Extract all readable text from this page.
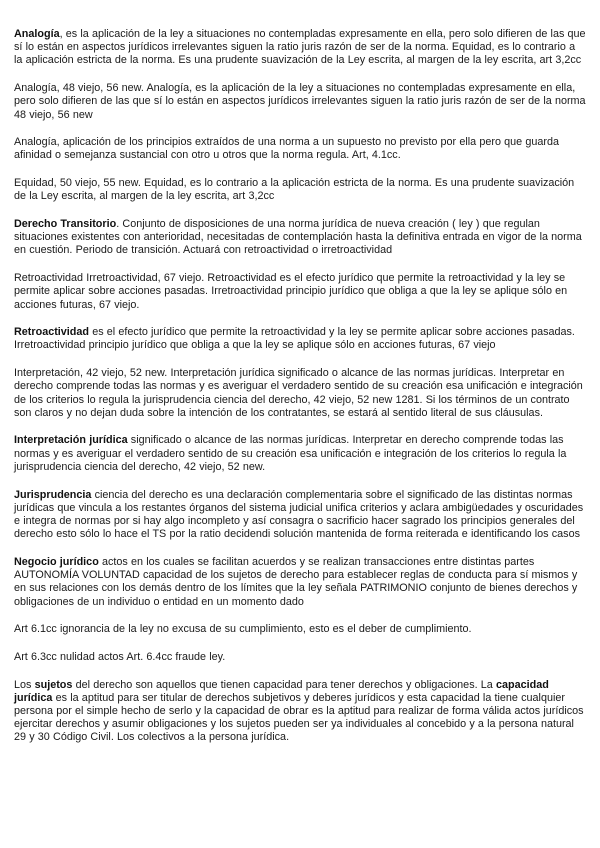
Analogía, es la aplicación de la ley a situaciones no contempladas expresamente en ella, pero solo difieren de las que sí lo están en aspectos jurídicos irrelevantes siguen la ratio juris razón de ser de la norma. Equidad, es lo contrario a la aplicación estricta de la norma. Es una prudente suavización de la Ley escrita, al margen de la ley escrita, art 3,2cc

Analogía, 48 viejo, 56 new. Analogía, es la aplicación de la ley a situaciones no contempladas expresamente en ella, pero solo difieren de las que sí lo están en aspectos jurídicos irrelevantes siguen la ratio juris razón de ser de la norma 48 viejo, 56 new

Analogía, aplicación de los principios extraídos de una norma a un supuesto no previsto por ella pero que guarda afinidad o semejanza sustancial con otro u otros que la norma regula. Art, 4.1cc.

Equidad, 50 viejo, 55 new. Equidad, es lo contrario a la aplicación estricta de la norma. Es una prudente suavización de la Ley escrita, al margen de la ley escrita, art 3,2cc

Derecho Transitorio. Conjunto de disposiciones de una norma jurídica de nueva creación ( ley ) que regulan situaciones existentes con anterioridad, necesitadas de contemplación hasta la definitiva entrada en vigor de la norma en cuestión. Periodo de transición. Actuará con retroactividad o irretroactividad

Retroactividad Irretroactividad, 67 viejo. Retroactividad es el efecto jurídico que permite la retroactividad y la ley se permite aplicar sobre acciones pasadas. Irretroactividad principio jurídico que obliga a que la ley se aplique sólo en acciones futuras, 67 viejo.

Retroactividad es el efecto jurídico que permite la retroactividad y la ley se permite aplicar sobre acciones pasadas. Irretroactividad principio jurídico que obliga a que la ley se aplique sólo en acciones futuras, 67 viejo

Interpretación, 42 viejo, 52 new. Interpretación jurídica significado o alcance de las normas jurídicas. Interpretar en derecho comprende todas las normas y es averiguar el verdadero sentido de su creación esa unificación e integración de los criterios lo regula la jurisprudencia ciencia del derecho, 42 viejo, 52 new 1281. Si los términos de un contrato son claros y no dejan duda sobre la intención de los contratantes, se estará al sentido literal de sus cláusulas.

Interpretación jurídica significado o alcance de las normas jurídicas. Interpretar en derecho comprende todas las normas y es averiguar el verdadero sentido de su creación esa unificación e integración de los criterios lo regula la jurisprudencia ciencia del derecho, 42 viejo, 52 new.

Jurisprudencia ciencia del derecho es una declaración complementaria sobre el significado de las distintas normas jurídicas que vincula a los restantes órganos del sistema judicial unifica criterios y aclara ambigüedades y oscuridades e integra de normas por si hay algo incompleto y así consagra o sacrificio hacer sagrado los principios generales del derecho esto sólo lo hace el TS por la ratio decidendi solución mantenida de forma reiterada e identificando los casos

Negocio jurídico actos en los cuales se facilitan acuerdos y se realizan transacciones entre distintas partes AUTONOMÍA VOLUNTAD capacidad de los sujetos de derecho para establecer reglas de conducta para sí mismos y en sus relaciones con los demás dentro de los límites que la ley señala PATRIMONIO conjunto de bienes derechos y obligaciones de un individuo o entidad en un momento dado

Art 6.1cc ignorancia de la ley no excusa de su cumplimiento, esto es el deber de cumplimiento.

Art 6.3cc nulidad actos Art. 6.4cc fraude ley.

Los sujetos del derecho son aquellos que tienen capacidad para tener derechos y obligaciones. La capacidad jurídica es la aptitud para ser titular de derechos subjetivos y deberes jurídicos y esta capacidad la tiene cualquier persona por el simple hecho de serlo y la capacidad de obrar es la aptitud para realizar de forma válida actos jurídicos ejercitar derechos y asumir obligaciones y los sujetos pueden ser ya individuales al concebido y a la persona natural 29 y 30 Código Civil. Los colectivos a la persona jurídica.
